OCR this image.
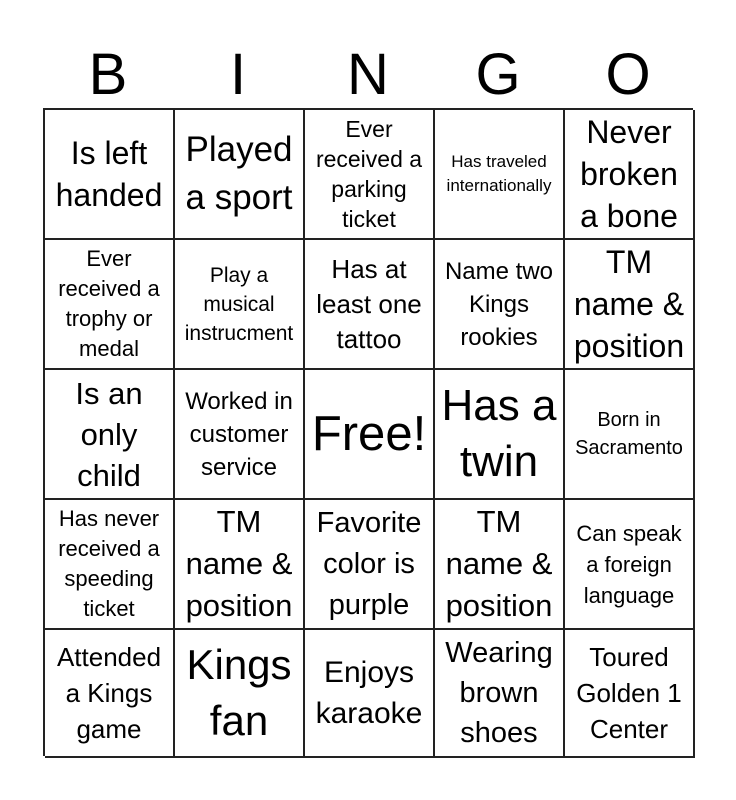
B	I	N	G	O
Is left handed
Played a sport
Ever received a parking ticket
Has traveled internationally
Never broken a bone
Ever received a trophy or medal
Play a musical instrucment
Has at least one tattoo
Name two Kings rookies
TM name & position
Is an only child
Worked in customer service
Free!
Has a twin
Born in Sacramento
Has never received a speeding ticket
TM name & position
Favorite color is purple
TM name & position
Can speak a foreign language
Attended a Kings game
Kings fan
Enjoys karaoke
Wearing brown shoes
Toured Golden 1 Center
